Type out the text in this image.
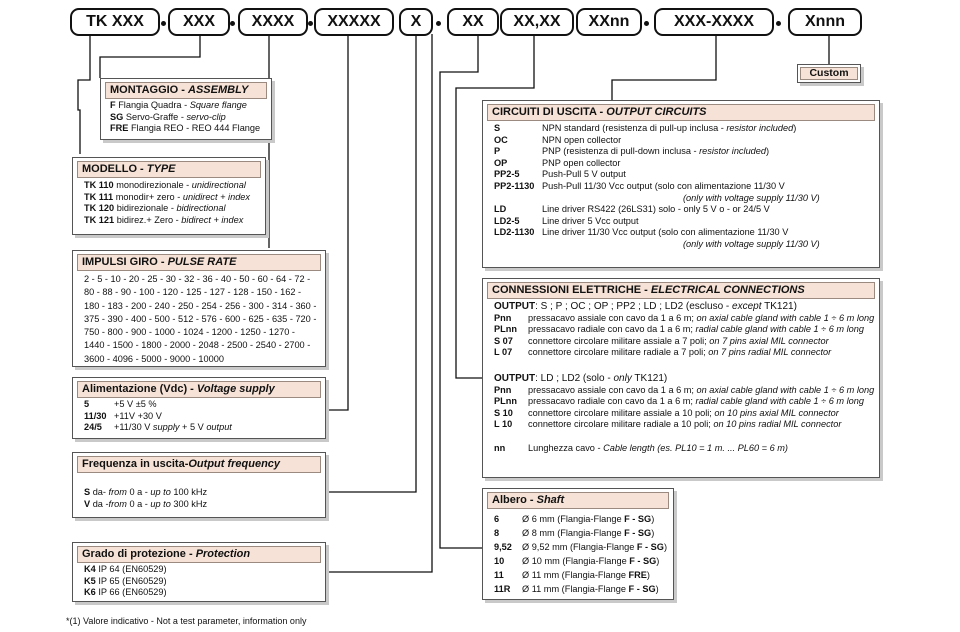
TK XXX	XXX	XXXX	XXXXX	X	XX	XX,XX	XXnn	XXX-XXXX	Xnnn
Custom
MONTAGGIO - ASSEMBLY
F Flangia Quadra - Square flange
SG Servo-Graffe - servo-clip
FRE Flangia REO - REO 444 Flange
MODELLO - TYPE
TK 110 monodirezionale - unidirectional
TK 111 monodir+ zero - unidirect + index
TK 120 bidirezionale - bidirectional
TK 121 bidirez.+ Zero - bidirect + index
IMPULSI GIRO - PULSE RATE
2 - 5 - 10 - 20 - 25 - 30 - 32 - 36 - 40 - 50 - 60 - 64 - 72 -
80 - 88 - 90 - 100 - 120 - 125 - 127 - 128 - 150 - 162 -
180 - 183 - 200 - 240 - 250 - 254 - 256 - 300 - 314 - 360 -
375 - 390 - 400 - 500 - 512 - 576 - 600 - 625 - 635 - 720 -
750 - 800 - 900 - 1000 - 1024 - 1200 - 1250 - 1270 -
1440 - 1500 - 1800 - 2000 - 2048 - 2500 - 2540 - 2700 -
3600 - 4096 - 5000 - 9000 - 10000
Alimentazione (Vdc) - Voltage supply
5	+5 V ±5 %
11/30 +11V +30 V
24/5 +11/30 V supply + 5 V output
Frequenza in uscita-Output frequency
S da- from 0 a - up to 100 kHz
V da -from 0 a - up to 300 kHz
Grado di protezione - Protection
K4 IP 64 (EN60529)
K5 IP 65 (EN60529)
K6 IP 66 (EN60529)
CIRCUITI DI USCITA - OUTPUT CIRCUITS
S	NPN standard (resistenza di pull-up inclusa - resistor included)
OC	NPN open collector
P	PNP (resistenza di pull-down inclusa - resistor included)
OP	PNP open collector
PP2-5 Push-Pull 5 V output
PP2-1130 Push-Pull 11/30 Vcc output (solo con alimentazione 11/30 V
(only with voltage supply 11/30 V)
LD	Line driver RS422 (26LS31) solo - only 5 V o - or 24/5 V
LD2-5 Line driver 5 Vcc output
LD2-1130 Line driver 11/30 Vcc output (solo con alimentazione 11/30 V
(only with voltage supply 11/30 V)
CONNESSIONI ELETTRICHE - ELECTRICAL CONNECTIONS
OUTPUT: S ; P ; OC ; OP ; PP2 ; LD ; LD2 (escluso - except TK121)
Pnn pressacavo assiale con cavo da 1 a 6 m; on axial cable gland with cable 1 ÷ 6 m long
PLnn pressacavo radiale con cavo da 1 a 6 m; radial cable gland with cable 1 ÷ 6 m long
S 07 connettore circolare militare assiale a 7 poli; on 7 pins axial MIL connector
L 07 connettore circolare militare radiale a 7 poli; on 7 pins radial MIL connector
OUTPUT: LD ; LD2 (solo - only TK121)
Pnn pressacavo assiale con cavo da 1 a 6 m; on axial cable gland with cable 1 ÷ 6 m long
PLnn pressacavo radiale con cavo da 1 a 6 m; radial cable gland with cable 1 ÷ 6 m long
S 10 connettore circolare militare assiale a 10 poli; on 10 pins axial MIL connector
L 10 connettore circolare militare radiale a 10 poli; on 10 pins radial MIL connector
nn Lunghezza cavo - Cable length (es. PL10 = 1 m. ... PL60 = 6 m)
Albero - Shaft
6 Ø 6 mm (Flangia-Flange F - SG)
8 Ø 8 mm (Flangia-Flange F - SG)
9,52 Ø 9,52 mm (Flangia-Flange F - SG)
10 Ø 10 mm (Flangia-Flange F - SG)
11 Ø 11 mm (Flangia-Flange FRE)
11R Ø 11 mm (Flangia-Flange F - SG)
*(1) Valore indicativo - Not a test parameter, information only
